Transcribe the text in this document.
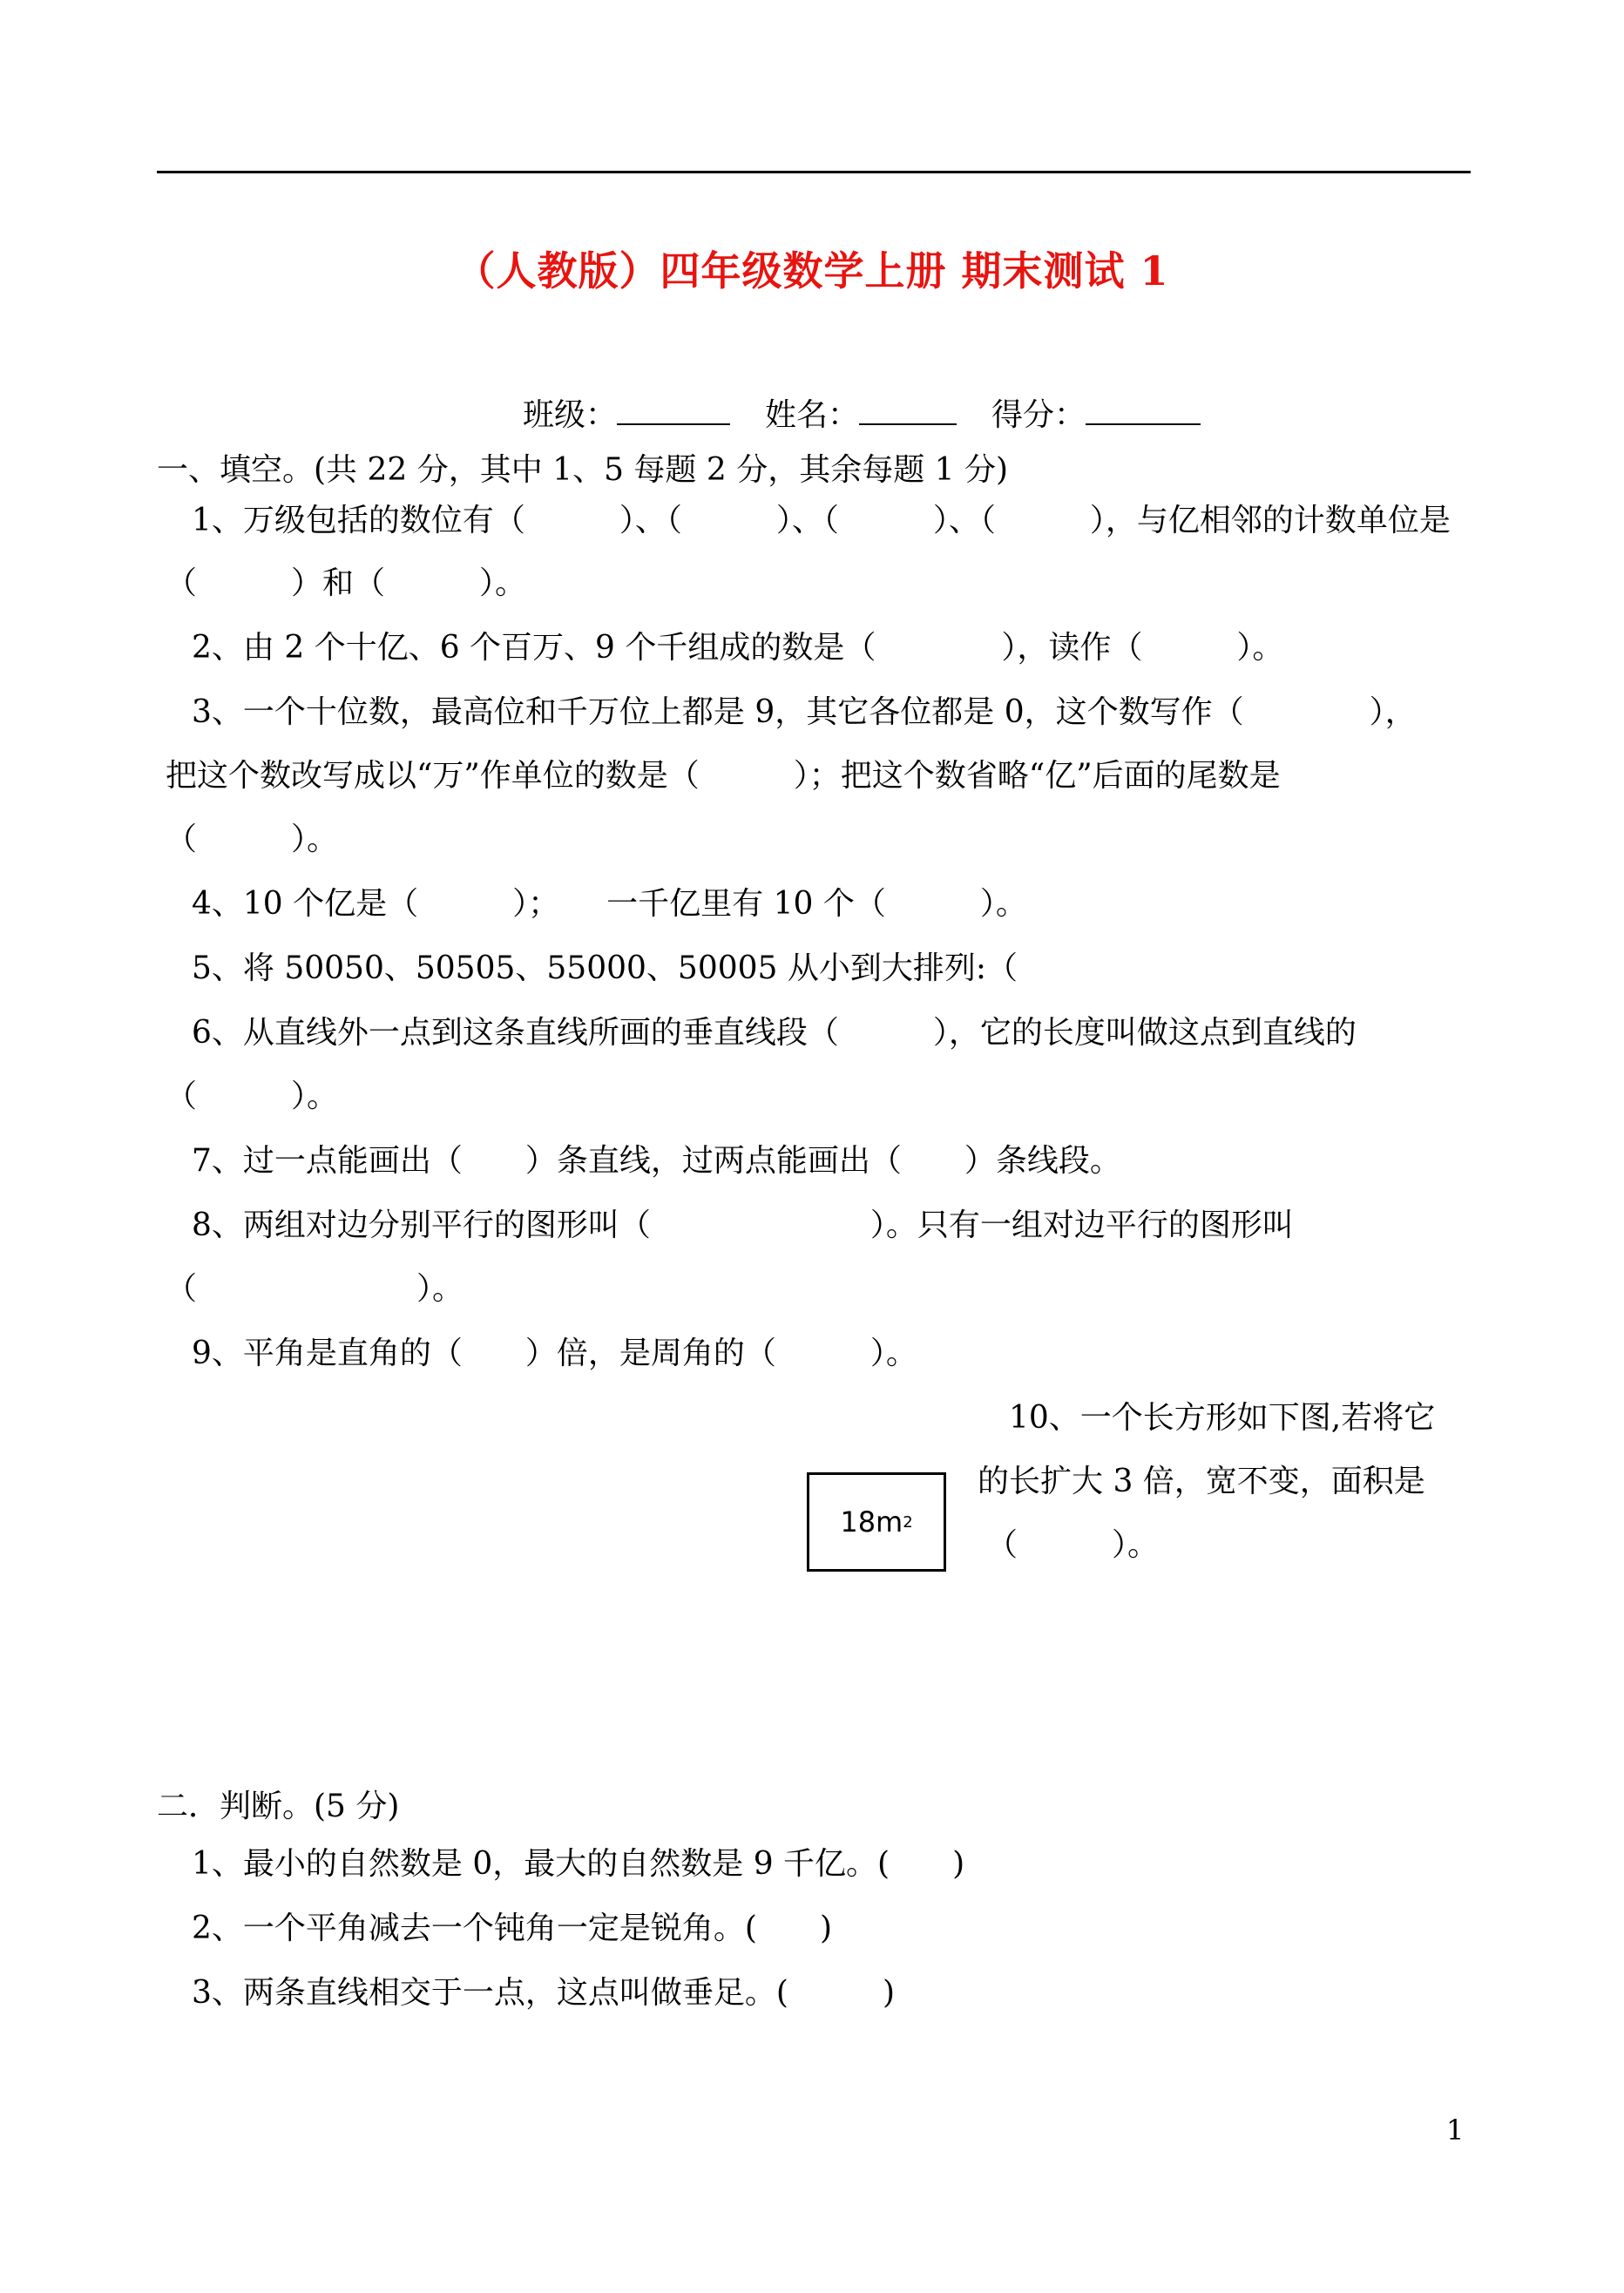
（人教版）四年级数学上册 期末测试 1
班级：	姓名：	得分：
一、填空。(共 22 分，其中 1、5 每题 2 分，其余每题 1 分)
1、万级包括的数位有（　　　）、（　　　）、（　　　）、（　　　），与亿相邻的计数单位是
（　　　）和（　　　）。
2、由 2 个十亿、6 个百万、9 个千组成的数是（　　　　），读作（　　　）。
3、一个十位数，最高位和千万位上都是 9，其它各位都是 0，这个数写作（　　　　），
把这个数改写成以“万”作单位的数是（　　　）；把这个数省略“亿”后面的尾数是
（　　　）。
4、10 个亿是（　　　）；　　一千亿里有 10 个（　　　）。
5、将 50050、50505、55000、50005 从小到大排列:（
6、从直线外一点到这条直线所画的垂直线段（　　　），它的长度叫做这点到直线的
（　　　）。
7、过一点能画出（　　）条直线，过两点能画出（　　）条线段。
8、两组对边分别平行的图形叫（　　　　　　　）。只有一组对边平行的图形叫
（　　　　　　　）。
9、平角是直角的（　　）倍，是周角的（　　　）。
10、一个长方形如下图,若将它
的长扩大 3 倍，宽不变，面积是
（　　　）。
18m 2
二．判断。(5 分)
1、最小的自然数是 0，最大的自然数是 9 千亿。(　　)
2、一个平角减去一个钝角一定是锐角。(　　)
3、两条直线相交于一点，这点叫做垂足。(　　　)
1
